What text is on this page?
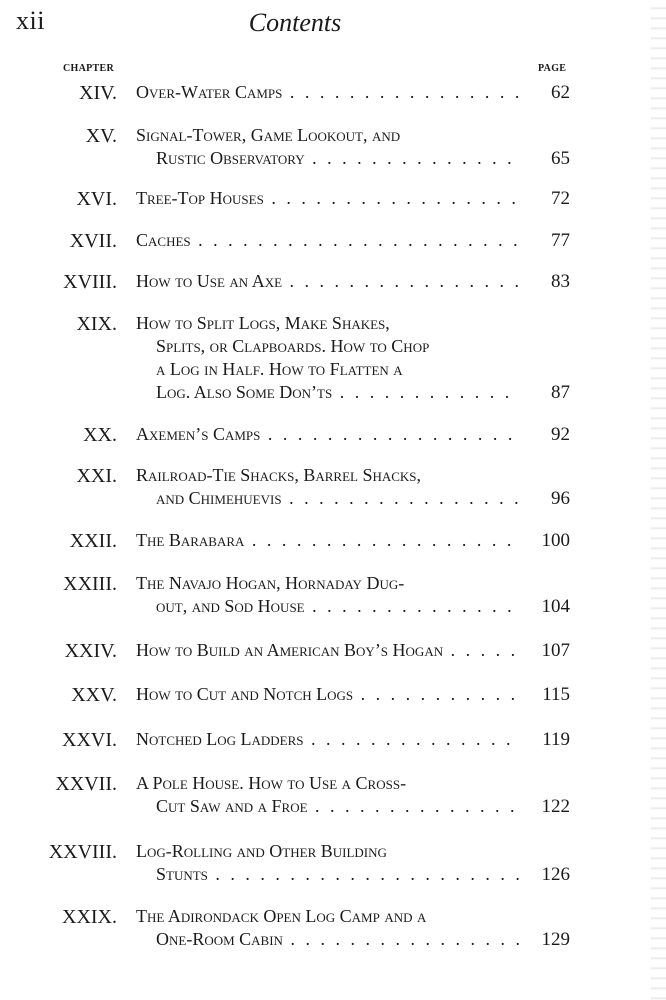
xii	Contents
CHAPTER	PAGE
XIV. Over-Water Camps . . .	62
XV. Signal-Tower, Game Lookout, and
Rustic Observatory . . .	65
XVI. Tree-Top Houses . . .	72
XVII. Caches . . .	77
XVIII. How to Use an Axe . . .	83
XIX. How to Split Logs, Make Shakes,
Splits, or Clapboards. How to Chop
a Log in Half. How to Flatten a
Log. Also Some Don’ts . . .	87
XX. Axemen’s Camps . . .	92
XXI. Railroad-Tie Shacks, Barrel Shacks,
and Chimehuevis . . .	96
XXII. The Barabara . . .	100
XXIII. The Navajo Hogan, Hornaday Dug-
out, and Sod House . . .	104
XXIV. How to Build an American Boy’s Hogan . . .	107
XXV. How to Cut and Notch Logs . . .	115
XXVI. Notched Log Ladders . . .	119
XXVII. A Pole House. How to Use a Cross-
Cut Saw and a Froe . . .	122
XXVIII. Log-Rolling and Other Building
Stunts . . .	126
XXIX. The Adirondack Open Log Camp and a
One-Room Cabin . . .	129
